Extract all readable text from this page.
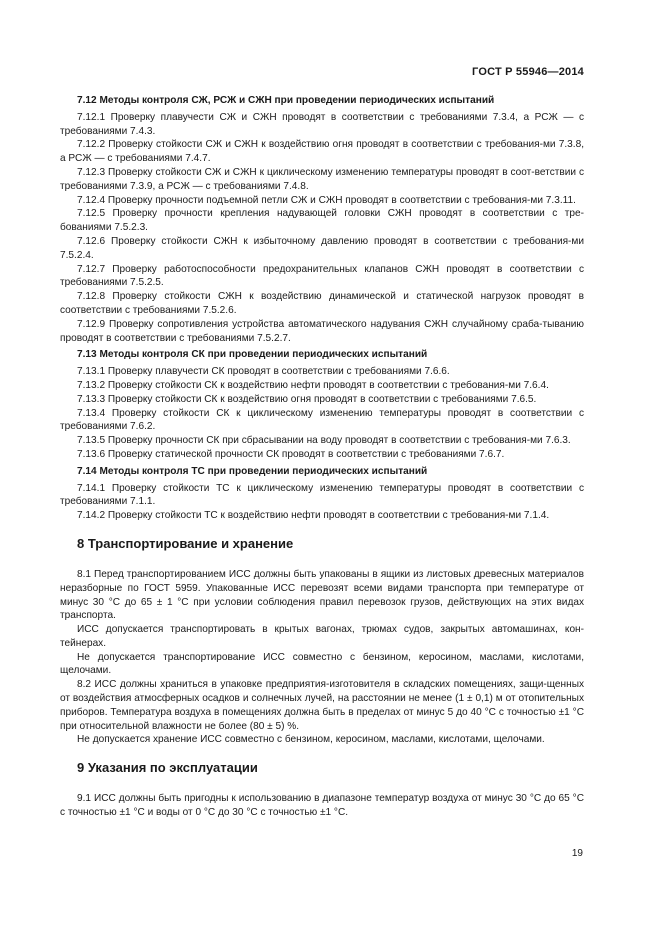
ГОСТ Р 55946—2014

7.12 Методы контроля СЖ, РСЖ и СЖН при проведении периодических испытаний

7.12.1 Проверку плавучести СЖ и СЖН проводят в соответствии с требованиями 7.3.4, а РСЖ — с требованиями 7.4.3.

7.12.2 Проверку стойкости СЖ и СЖН к воздействию огня проводят в соответствии с требования-ми 7.3.8, а РСЖ — с требованиями 7.4.7.

7.12.3 Проверку стойкости СЖ и СЖН к циклическому изменению температуры проводят в соот-ветствии с требованиями 7.3.9, а РСЖ — с требованиями 7.4.8.

7.12.4 Проверку прочности подъемной петли СЖ и СЖН проводят в соответствии с требования-ми 7.3.11.

7.12.5 Проверку прочности крепления надувающей головки СЖН проводят в соответствии с тре-бованиями 7.5.2.3.

7.12.6 Проверку стойкости СЖН к избыточному давлению проводят в соответствии с требования-ми 7.5.2.4.

7.12.7 Проверку работоспособности предохранительных клапанов СЖН проводят в соответствии с требованиями 7.5.2.5.

7.12.8 Проверку стойкости СЖН к воздействию динамической и статической нагрузок проводят в соответствии с требованиями 7.5.2.6.

7.12.9 Проверку сопротивления устройства автоматического надувания СЖН случайному сраба-тыванию проводят в соответствии с требованиями 7.5.2.7.

7.13 Методы контроля СК при проведении периодических испытаний

7.13.1 Проверку плавучести СК проводят в соответствии с требованиями 7.6.6.

7.13.2 Проверку стойкости СК к воздействию нефти проводят в соответствии с требования-ми 7.6.4.

7.13.3 Проверку стойкости СК к воздействию огня проводят в соответствии с требованиями 7.6.5.

7.13.4 Проверку стойкости СК к циклическому изменению температуры проводят в соответствии с требованиями 7.6.2.

7.13.5 Проверку прочности СК при сбрасывании на воду проводят в соответствии с требования-ми 7.6.3.

7.13.6 Проверку статической прочности СК проводят в соответствии с требованиями 7.6.7.

7.14 Методы контроля ТС при проведении периодических испытаний

7.14.1 Проверку стойкости ТС к циклическому изменению температуры проводят в соответствии с требованиями 7.1.1.

7.14.2 Проверку стойкости ТС к воздействию нефти проводят в соответствии с требования-ми 7.1.4.

8 Транспортирование и хранение

8.1 Перед транспортированием ИСС должны быть упакованы в ящики из листовых древесных материалов неразборные по ГОСТ 5959. Упакованные ИСС перевозят всеми видами транспорта при температуре от минус 30 °С до 65 ± 1 °С при условии соблюдения правил перевозок грузов, действующих на этих видах транспорта.

ИСС допускается транспортировать в крытых вагонах, трюмах судов, закрытых автомашинах, кон-тейнерах.

Не допускается транспортирование ИСС совместно с бензином, керосином, маслами, кислотами, щелочами.

8.2 ИСС должны храниться в упаковке предприятия-изготовителя в складских помещениях, защи-щенных от воздействия атмосферных осадков и солнечных лучей, на расстоянии не менее (1 ± 0,1) м от отопительных приборов. Температура воздуха в помещениях должна быть в пределах от минус 5 до 40 °С с точностью ±1 °С при относительной влажности не более (80 ± 5) %.

Не допускается хранение ИСС совместно с бензином, керосином, маслами, кислотами, щелочами.

9 Указания по эксплуатации

9.1 ИСС должны быть пригодны к использованию в диапазоне температур воздуха от минус 30 °С до 65 °С с точностью ±1 °С и воды от 0 °С до 30 °С с точностью ±1 °С.

19
